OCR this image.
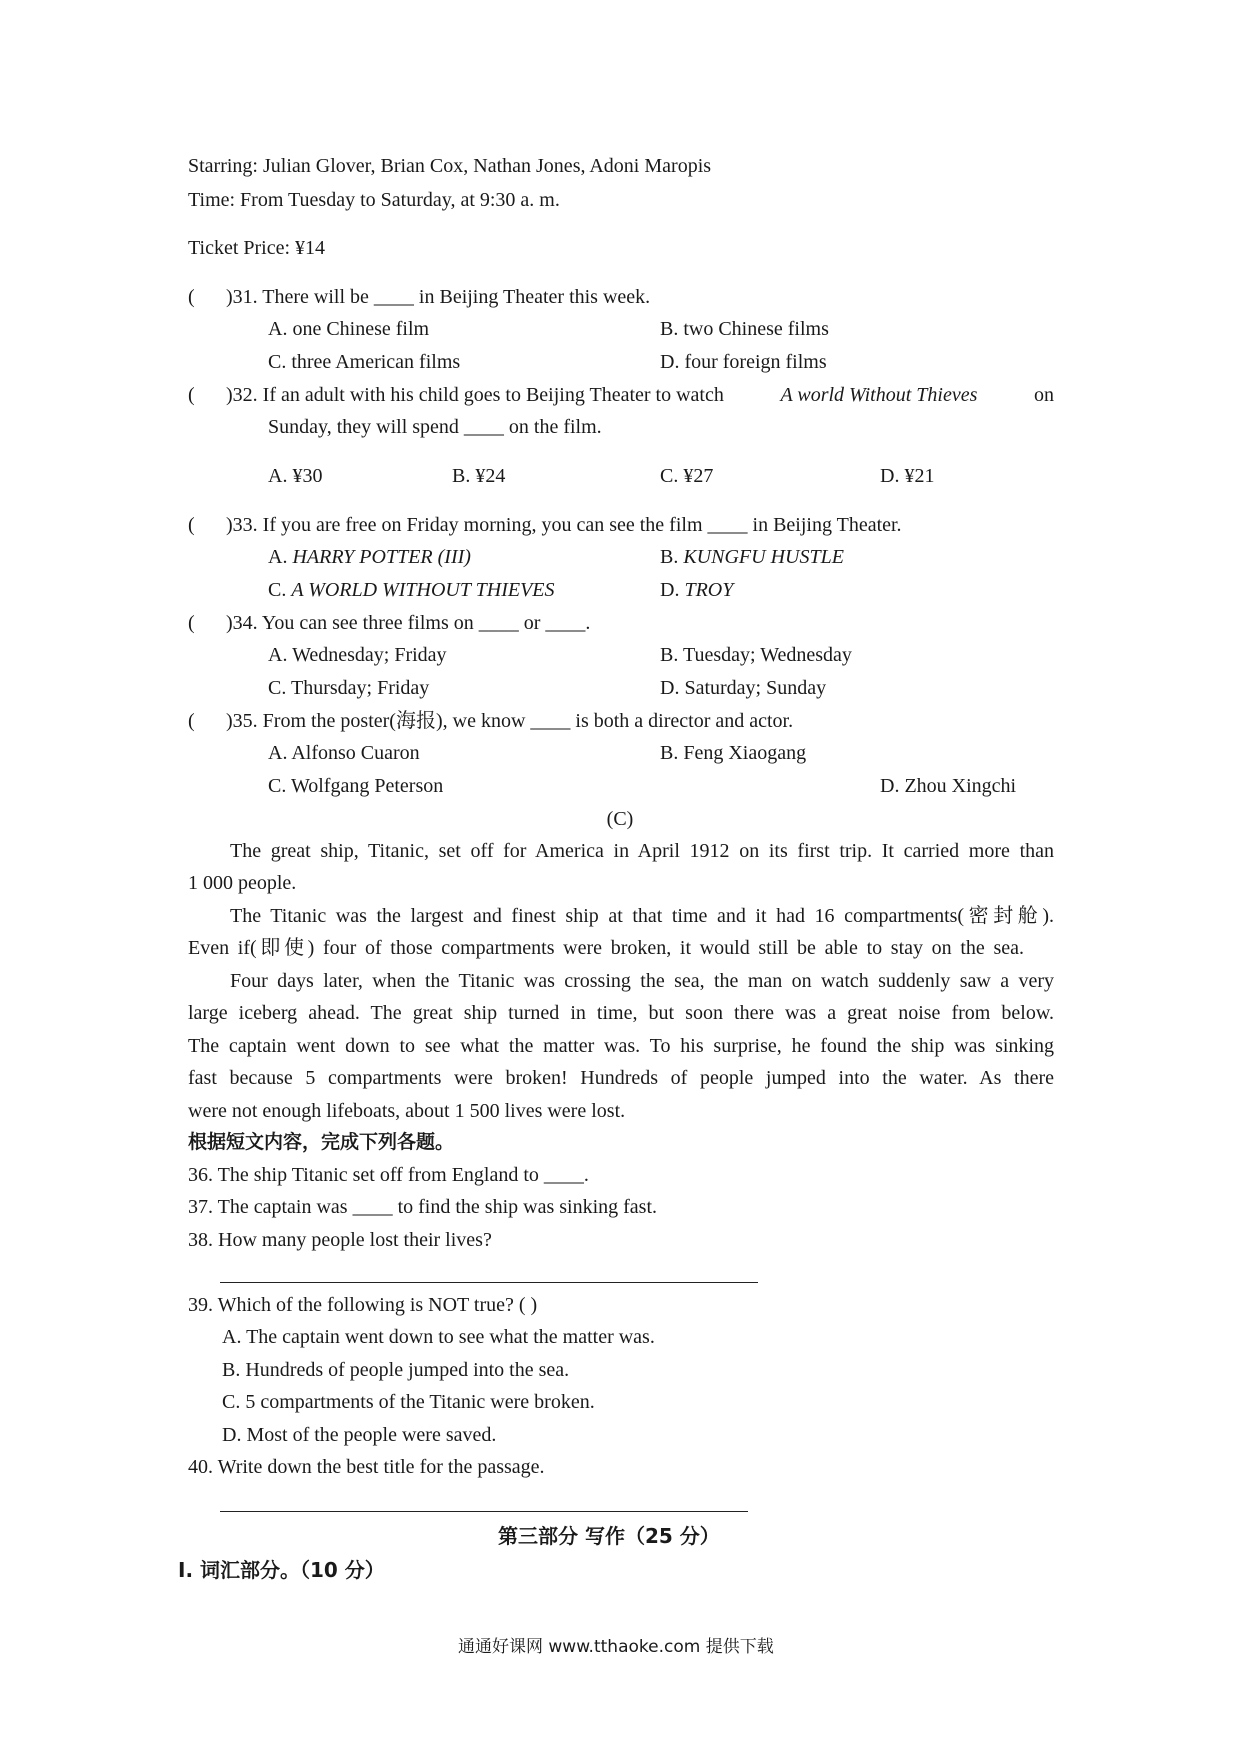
Starring: Julian Glover, Brian Cox, Nathan Jones, Adoni Maropis
Time: From Tuesday to Saturday, at 9:30 a. m.
Ticket Price: ¥14
( )31. There will be ____ in Beijing Theater this week.
A. one Chinese film	B. two Chinese films
C. three American films	D. four foreign films
( )32. If an adult with his child goes to Beijing Theater to watch	A world Without Thieves	on
Sunday, they will spend ____ on the film.
A. ¥30	B. ¥24	C. ¥27	D. ¥21
( )33. If you are free on Friday morning, you can see the film ____ in Beijing Theater.
A. HARRY POTTER (III)	B. KUNGFU HUSTLE
C. A WORLD WITHOUT THIEVES	D. TROY
( )34. You can see three films on ____ or ____.
A. Wednesday; Friday	B. Tuesday; Wednesday
C. Thursday; Friday	D. Saturday; Sunday
( )35. From the poster(海报), we know ____ is both a director and actor.
A. Alfonso Cuaron	B. Feng Xiaogang
C. Wolfgang Peterson	D. Zhou Xingchi
(C)
The great ship, Titanic, set off for America in April 1912 on its first trip. It carried more than
1 000 people.
The Titanic was the largest and finest ship at that time and it had 16 compartments(密封舱).
Even if(即使) four of those compartments were broken, it would still be able to stay on the sea.
Four days later, when the Titanic was crossing the sea, the man on watch suddenly saw a very
large iceberg ahead. The great ship turned in time, but soon there was a great noise from below.
The captain went down to see what the matter was. To his surprise, he found the ship was sinking
fast because 5 compartments were broken! Hundreds of people jumped into the water. As there
were not enough lifeboats, about 1 500 lives were lost.
根据短文内容，完成下列各题。
36. The ship Titanic set off from England to ____.
37. The captain was ____ to find the ship was sinking fast.
38. How many people lost their lives?
39. Which of the following is NOT true? ( )
A. The captain went down to see what the matter was.
B. Hundreds of people jumped into the sea.
C. 5 compartments of the Titanic were broken.
D. Most of the people were saved.
40. Write down the best title for the passage.
第三部分 写作（25 分）
I. 词汇部分。（10 分）
通通好课网 www.tthaoke.com 提供下载
